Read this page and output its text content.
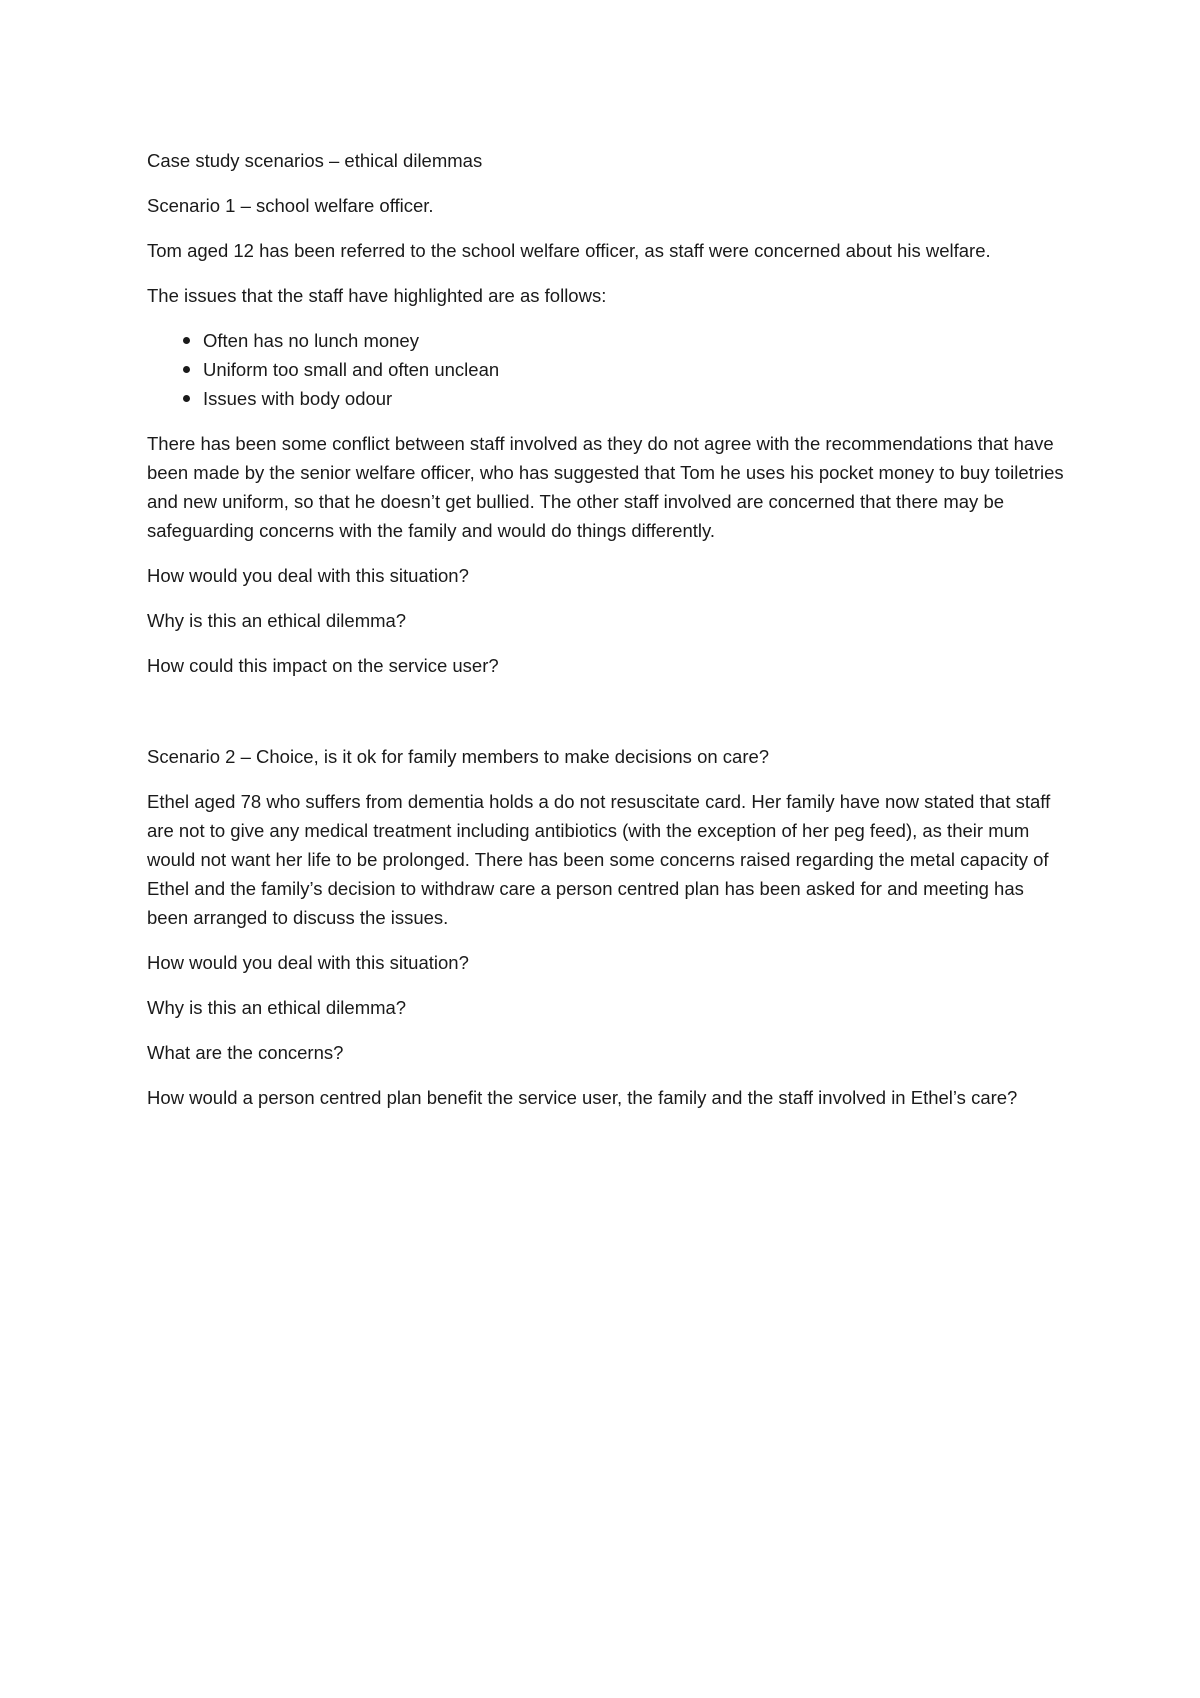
Case study scenarios – ethical dilemmas

Scenario 1 – school welfare officer.

Tom aged 12 has been referred to the school welfare officer, as staff were concerned about his welfare.

The issues that the staff have highlighted are as follows:

Often has no lunch money
Uniform too small and often unclean
Issues with body odour

There has been some conflict between staff involved as they do not agree with the recommendations that have been made by the senior welfare officer, who has suggested that Tom he uses his pocket money to buy toiletries and new uniform, so that he doesn’t get bullied. The other staff involved are concerned that there may be safeguarding concerns with the family and would do things differently.

How would you deal with this situation?

Why is this an ethical dilemma?

How could this impact on the service user?

Scenario 2 – Choice, is it ok for family members to make decisions on care?

Ethel aged 78 who suffers from dementia holds a do not resuscitate card. Her family have now stated that staff are not to give any medical treatment including antibiotics (with the exception of her peg feed), as their mum would not want her life to be prolonged. There has been some concerns raised regarding the metal capacity of Ethel and the family’s decision to withdraw care a person centred plan has been asked for and meeting has been arranged to discuss the issues.

How would you deal with this situation?

Why is this an ethical dilemma?

What are the concerns?

How would a person centred plan benefit the service user, the family and the staff involved in Ethel’s care?
